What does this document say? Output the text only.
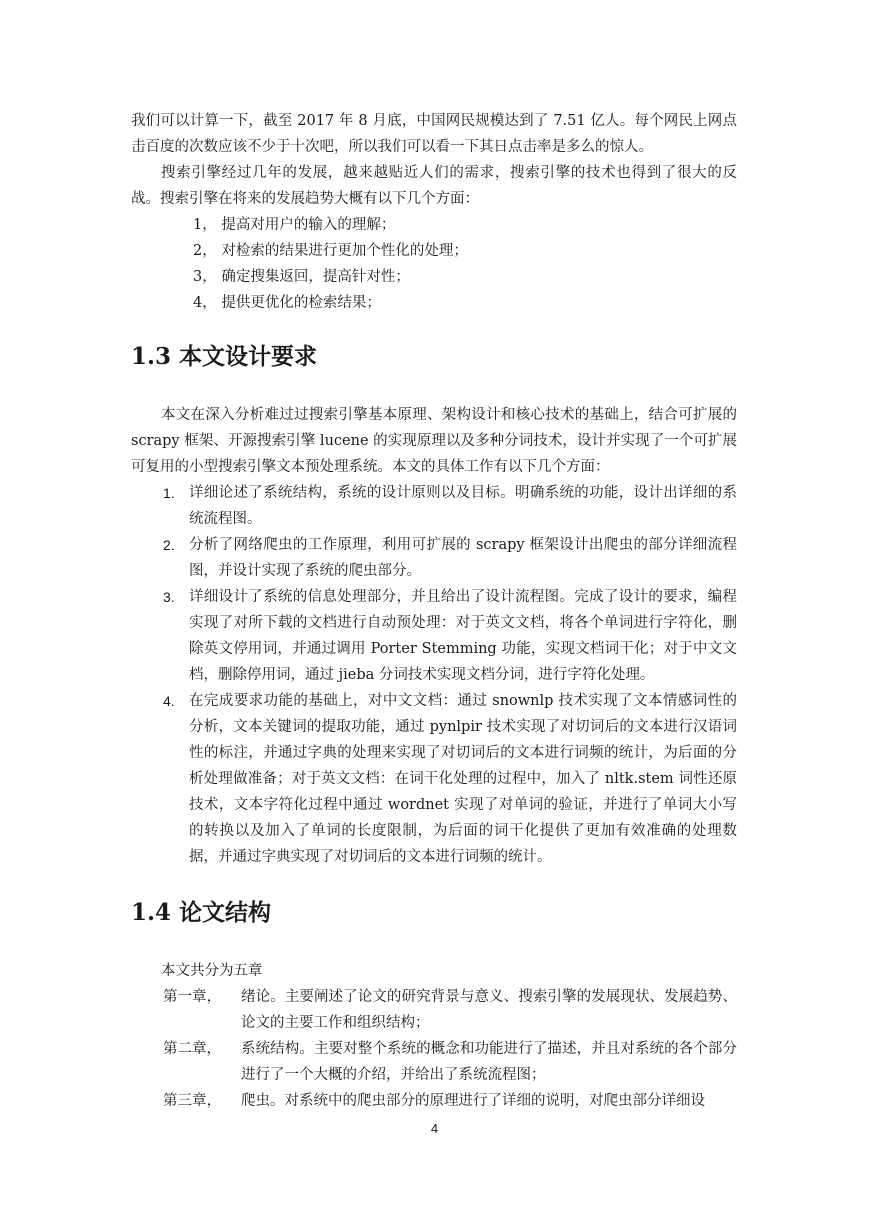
我们可以计算一下，截至 2017 年 8 月底，中国网民规模达到了 7.51 亿人。每个网民上网点击百度的次数应该不少于十次吧，所以我们可以看一下其日点击率是多么的惊人。
搜索引擎经过几年的发展，越来越贴近人们的需求，搜索引擎的技术也得到了很大的反战。搜索引擎在将来的发展趋势大概有以下几个方面：
1， 提高对用户的输入的理解；
2， 对检索的结果进行更加个性化的处理；
3， 确定搜集返回，提高针对性；
4， 提供更优化的检索结果；
1.3 本文设计要求
本文在深入分析难过过搜索引擎基本原理、架构设计和核心技术的基础上，结合可扩展的 scrapy 框架、开源搜索引擎 lucene 的实现原理以及多种分词技术，设计并实现了一个可扩展可复用的小型搜索引擎文本预处理系统。本文的具体工作有以下几个方面：
1. 详细论述了系统结构，系统的设计原则以及目标。明确系统的功能，设计出详细的系统流程图。
2. 分析了网络爬虫的工作原理，利用可扩展的 scrapy 框架设计出爬虫的部分详细流程图，并设计实现了系统的爬虫部分。
3. 详细设计了系统的信息处理部分，并且给出了设计流程图。完成了设计的要求，编程实现了对所下载的文档进行自动预处理：对于英文文档，将各个单词进行字符化，删除英文停用词，并通过调用 Porter Stemming 功能，实现文档词干化；对于中文文档，删除停用词，通过 jieba 分词技术实现文档分词，进行字符化处理。
4. 在完成要求功能的基础上，对中文文档：通过 snownlp 技术实现了文本情感词性的分析，文本关键词的提取功能，通过 pynlpir 技术实现了对切词后的文本进行汉语词性的标注，并通过字典的处理来实现了对切词后的文本进行词频的统计，为后面的分析处理做准备；对于英文文档：在词干化处理的过程中，加入了 nltk.stem 词性还原技术，文本字符化过程中通过 wordnet 实现了对单词的验证，并进行了单词大小写的转换以及加入了单词的长度限制，为后面的词干化提供了更加有效准确的处理数据，并通过字典实现了对切词后的文本进行词频的统计。
1.4 论文结构
本文共分为五章
第一章，	绪论。主要阐述了论文的研究背景与意义、搜索引擎的发展现状、发展趋势、论文的主要工作和组织结构；
第二章，	系统结构。主要对整个系统的概念和功能进行了描述，并且对系统的各个部分进行了一个大概的介绍，并给出了系统流程图；
第三章，	爬虫。对系统中的爬虫部分的原理进行了详细的说明，对爬虫部分详细设
4
